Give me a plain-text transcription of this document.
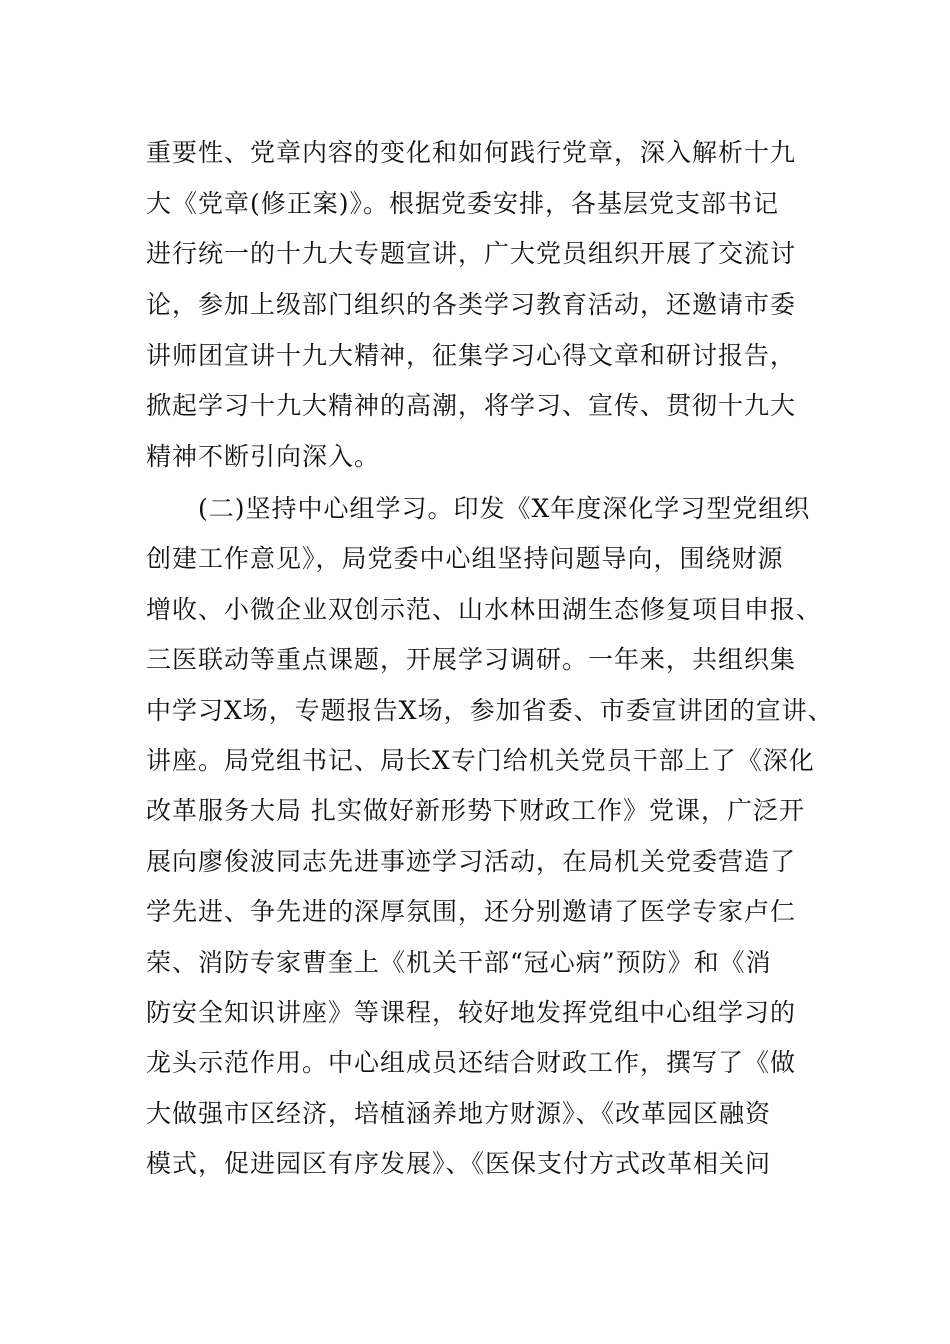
重要性、党章内容的变化和如何践行党章，深入解析十九
大《党章(修正案)》。根据党委安排，各基层党支部书记
进行统一的十九大专题宣讲，广大党员组织开展了交流讨
论，参加上级部门组织的各类学习教育活动，还邀请市委
讲师团宣讲十九大精神，征集学习心得文章和研讨报告，
掀起学习十九大精神的高潮，将学习、宣传、贯彻十九大
精神不断引向深入。
　　(二)坚持中心组学习。印发《X年度深化学习型党组织
创建工作意见》，局党委中心组坚持问题导向，围绕财源
增收、小微企业双创示范、山水林田湖生态修复项目申报、
三医联动等重点课题，开展学习调研。一年来，共组织集
中学习X场，专题报告X场，参加省委、市委宣讲团的宣讲、
讲座。局党组书记、局长X专门给机关党员干部上了《深化
改革服务大局 扎实做好新形势下财政工作》党课，广泛开
展向廖俊波同志先进事迹学习活动，在局机关党委营造了
学先进、争先进的深厚氛围，还分别邀请了医学专家卢仁
荣、消防专家曹奎上《机关干部“冠心病”预防》和《消
防安全知识讲座》等课程，较好地发挥党组中心组学习的
龙头示范作用。中心组成员还结合财政工作，撰写了《做
大做强市区经济，培植涵养地方财源》、《改革园区融资
模式，促进园区有序发展》、《医保支付方式改革相关问
